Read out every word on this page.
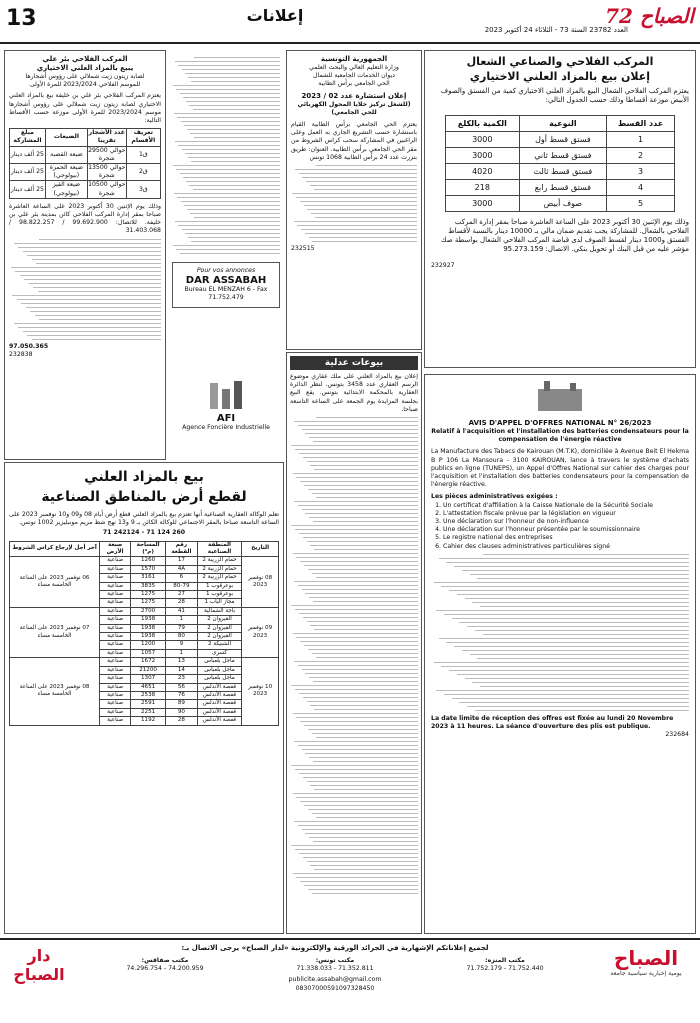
13	إعلانات	72 الصباح
العدد 23782 السنة 73 - الثلاثاء 24 أكتوبر 2023
المركب الفلاحي والصناعي الشعال
إعلان بيع بالمزاد العلني الاختياري
يعتزم المركب الفلاحي الشعال البيع بالمزاد العلني الاختياري كمية من الفستق والصوف الأبيض موزعة أقساطا وذلك حسب الجدول التالي:
عدد القسط	النوعية	الكمية بالكلغ
1	فستق قسط أول	3000
2	فستق قسط ثاني	3000
3	فستق قسط ثالث	4020
4	فستق قسط رابع	218
5	صوف أبيض	3000
وذلك يوم الإثنين 30 أكتوبر 2023 على الساعة العاشرة صباحا بمقر إدارة المركب الفلاحي بالشعال. للمشاركة يجب تقديم ضمان مالي بـ 10000 دينار بالنسبة لأقساط الفستق و1000 دينار لقسط الصوف لدى قباضة المركب الفلاحي الشعال بواسطة صك مؤشر عليه من قبل البنك أو تحويل بنكي. الاتصال: 95.273.159
232927
AVIS D'APPEL D'OFFRES NATIONAL N° 26/2023
Relatif à l'acquisition et l'installation des batteries condensateurs pour la compensation de l'énergie réactive
La Manufacture des Tabacs de Kairouan (M.T.K), domiciliée à Avenue Beit El Hekma B P 106 La Mansoura - 3100 KAIROUAN, lance à travers le système d'achats publics en ligne (TUNEPS), un Appel d'Offres National sur cahier des charges pour l'acquisition et l'installation des batteries condensateurs pour la compensation de l'énergie réactive.
Les pièces administratives exigées :
1. Un certificat d'affiliation à la Caisse Nationale de la Sécurité Sociale
2. L'attestation fiscale prévue par la législation en vigueur
3. Une déclaration sur l'honneur de non-influence
4. Une déclaration sur l'honneur présentée par le soumissionnaire
5. Le registre national des entreprises
6. Cahier des clauses administratives particulières signé
La date limite de réception des offres est fixée au lundi 20 Novembre 2023 à 11 heures. La séance d'ouverture des plis est publique.
232684
الجمهورية التونسية
وزارة التعليم العالي والبحث العلمي
ديوان الخدمات الجامعية للشمال
الحي الجامعي برأس الطابية
إعلان استشارة عدد 02 / 2023
(للشغل تركيز خلايا المحول الكهربائي للحي الجامعي)
يعتزم الحي الجامعي برأس الطابية القيام باستشارة حسب التشريع الجاري به العمل وعلى الراغبين في المشاركة سحب كراس الشروط من مقر الحي الجامعي برأس الطابية. العنوان: طريق بنزرت عدد 24 برأس الطابية 1068 تونس
232515
Pour vos annonces
DAR ASSABAH
Bureau EL MENZAH 6 - Fax 71.752.479
بيوعات عدلية
إعلان بيع بالمزاد العلني على ملك عقاري موضوع الرسم العقاري عدد 3458 بتونس. لنظر الدائرة العقارية بالمحكمة الابتدائية بتونس. يقع البيع بجلسة المزايدة يوم الجمعة على الساعة التاسعة صباحا.
AFI
Agence Foncière Industrielle
المركب الفلاحي بئر علي
يبيع بالمزاد العلني الاختياري
لصابة زيتون زيت شملالي على رؤوس أشجارها
للموسم الفلاحي 2023/2024 للمرة الأولى
يعتزم المركب الفلاحي بئر علي بن خليفة بيع بالمزاد العلني الاختياري لصابة زيتون زيت شملالي على رؤوس أشجارها موسم 2023/2024 للمرة الأولى موزعة حسب الأقساط التالية:
تعريف الأقسام	عدد الأشجار تقريبا	الضيعات	مبلغ المشاركة
ق1	حوالي 29500 شجرة	ضيعة القصبة	25 ألف دينار
ق2	حوالي 13500 شجرة	ضيعة الحمرة (بيولوجي)	25 ألف دينار
ق3	حوالي 10500 شجرة	ضيعة القيز (بيولوجي)	25 ألف دينار
وذلك يوم الإثنين 30 أكتوبر 2023 على الساعة العاشرة صباحا بمقر إدارة المركب الفلاحي كائن بمدينة بئر علي بن خليفة. للاتصال: 99.692.900 / 98.822.257 / 31.403.068
97.050.365
232838
بيع بالمزاد العلني
لقطع أرض بالمناطق الصناعية
تعلم الوكالة العقارية الصناعية أنها تعتزم بيع بالمزاد العلني قطع أرض أيام 08 و09 و10 نوفمبر 2023 على الساعة التاسعة صباحا بالمقر الاجتماعي للوكالة الكائن بـ 9 و13 نهج شط مريم مونبليزير 1002 تونس.
71 242124 - 71 124 260
التاريخ	المنطقة الصناعية	رقم القطعة	المساحة (م²)	صبغة الأرض	آخر أجل لإرجاع كراس الشروط
08 نوفمبر 2023	حمام الزريبة 2	17	1260	صناعية	06 نوفمبر 2023 على الساعة الخامسة مساء
	حمام الزريبة 2	4A	1570	صناعية	
	حمام الزريبة 2	6	3161	صناعية	
	بوعرقوب 1	80-79	3835	صناعية	
	بوعرقوب 1	27	1275	صناعية	
	مجاز الباب 1	28	1275	صناعية	
09 نوفمبر 2023	باجة الشمالية	41	2700	صناعية	07 نوفمبر 2023 على الساعة الخامسة مساء
	القيروان 2	1	1938	صناعية	
	القيروان 2	79	1938	صناعية	
	القيروان 2	80	1938	صناعية	
	الشبيكة 2	9	1200	صناعية	
	كسرى	1	1057	صناعية	
10 نوفمبر 2023	ماجل بلعباس	13	1672	صناعية	08 نوفمبر 2023 على الساعة الخامسة مساء
	ماجل بلعباس	14	21200	صناعية	
	ماجل بلعباس	23	1307	صناعية	
	قفصة الأندلس	56	4651	صناعية	
	قفصة الأندلس	76	2538	صناعية	
	قفصة الأندلس	89	2591	صناعية	
	قفصة الأندلس	90	2251	صناعية	
	قفصة الأندلس	28	1192	صناعية	
الصباح
يومية إخبارية سياسية جامعة
دار الصباح
لجميع إعلاناتكم الإشهارية في الجرائد الورقية والإلكترونية «لدار الصباح» يرجى الاتصال بـ:
مكتب المنزه:
71.752.179 - 71.752.440
مكتب تونس:
71.338.033 - 71.352.811
مكتب صفاقس:
74.296.754 - 74.200.959
publicite.assabah@gmail.com
08307000591097328450
